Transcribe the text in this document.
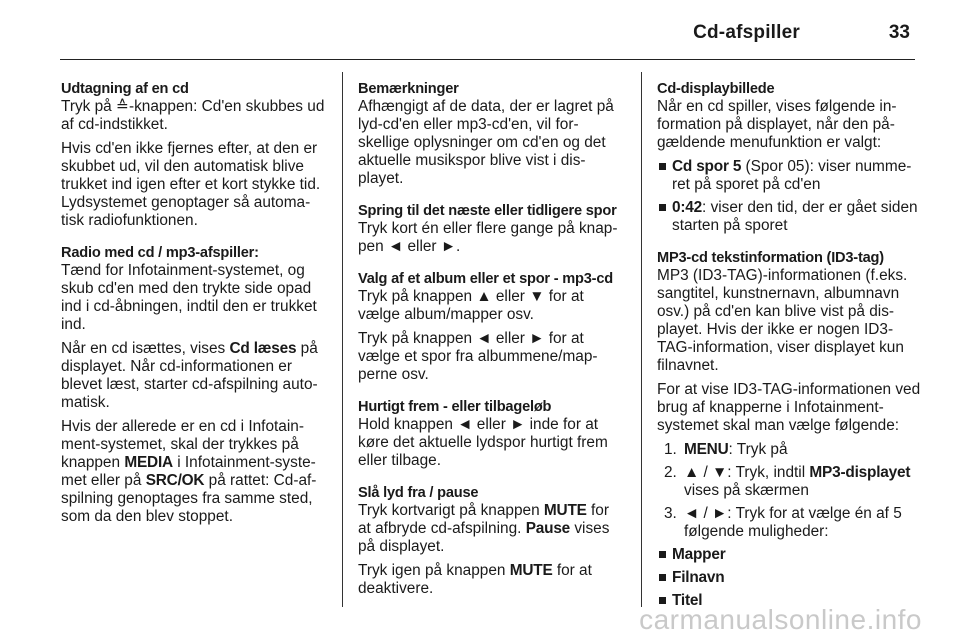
Cd-afspiller	33
Udtagning af en cd

Tryk på ≙-knappen: Cd'en skubbes ud af cd-indstikket.

Hvis cd'en ikke fjernes efter, at den er skubbet ud, vil den automatisk blive trukket ind igen efter et kort stykke tid. Lydsystemet genoptager så automa-tisk radiofunktionen.

Radio med cd / mp3-afspiller:

Tænd for Infotainment-systemet, og skub cd'en med den trykte side opad ind i cd-åbningen, indtil den er trukket ind.

Når en cd isættes, vises Cd læses på displayet. Når cd-informationen er blevet læst, starter cd-afspilning auto-matisk.

Hvis der allerede er en cd i Infotain-ment-systemet, skal der trykkes på knappen MEDIA i Infotainment-syste-met eller på SRC/OK på rattet: Cd-af-spilning genoptages fra samme sted, som da den blev stoppet.

Bemærkninger

Afhængigt af de data, der er lagret på lyd-cd'en eller mp3-cd'en, vil for-skellige oplysninger om cd'en og det aktuelle musikspor blive vist i dis-playet.

Spring til det næste eller tidligere spor

Tryk kort én eller flere gange på knap-pen ◄ eller ►.

Valg af et album eller et spor - mp3-cd

Tryk på knappen ▲ eller ▼ for at vælge album/mapper osv.

Tryk på knappen ◄ eller ► for at vælge et spor fra albummene/map-perne osv.

Hurtigt frem - eller tilbageløb

Hold knappen ◄ eller ► inde for at køre det aktuelle lydspor hurtigt frem eller tilbage.

Slå lyd fra / pause

Tryk kortvarigt på knappen MUTE for at afbryde cd-afspilning. Pause vises på displayet.

Tryk igen på knappen MUTE for at deaktivere.

Cd-displaybillede

Når en cd spiller, vises følgende in-formation på displayet, når den på-gældende menufunktion er valgt:

Cd spor 5 (Spor 05): viser numme-ret på sporet på cd'en
0:42: viser den tid, der er gået siden starten på sporet
MP3-cd tekstinformation (ID3-tag)

MP3 (ID3-TAG)-informationen (f.eks. sangtitel, kunstnernavn, albumnavn osv.) på cd'en kan blive vist på dis-playet. Hvis der ikke er nogen ID3-TAG-information, viser displayet kun filnavnet.

For at vise ID3-TAG-informationen ved brug af knapperne i Infotainment-systemet skal man vælge følgende:

1. MENU: Tryk på
2. ▲ / ▼: Tryk, indtil MP3-displayet vises på skærmen
3. ◄ / ►: Tryk for at vælge én af 5 følgende muligheder:
Mapper
Filnavn
Titel
carmanualsonline.info
